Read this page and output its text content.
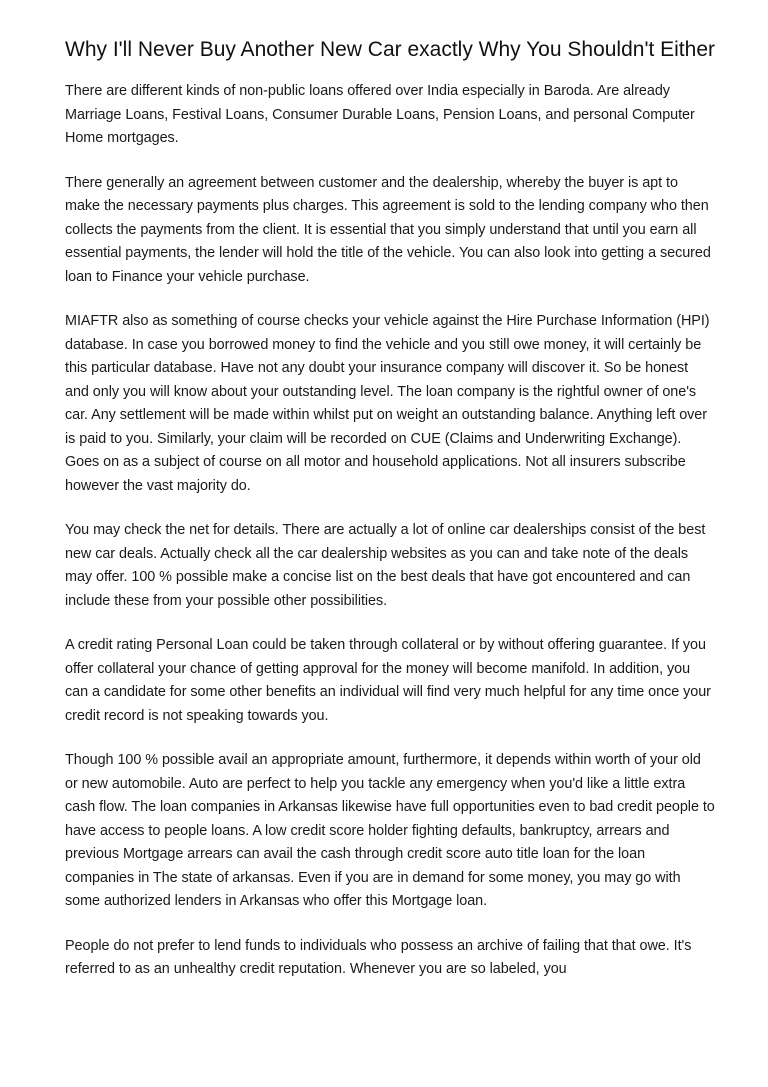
Why I'll Never Buy Another New Car exactly Why You Shouldn't Either

There are different kinds of non-public loans offered over India especially in Baroda. Are already Marriage Loans, Festival Loans, Consumer Durable Loans, Pension Loans, and personal Computer Home mortgages.

There generally an agreement between customer and the dealership, whereby the buyer is apt to make the necessary payments plus charges. This agreement is sold to the lending company who then collects the payments from the client. It is essential that you simply understand that until you earn all essential payments, the lender will hold the title of the vehicle. You can also look into getting a secured loan to Finance your vehicle purchase.

MIAFTR also as something of course checks your vehicle against the Hire Purchase Information (HPI) database. In case you borrowed money to find the vehicle and you still owe money, it will certainly be this particular database. Have not any doubt your insurance company will discover it. So be honest and only you will know about your outstanding level. The loan company is the rightful owner of one's car. Any settlement will be made within whilst put on weight an outstanding balance. Anything left over is paid to you. Similarly, your claim will be recorded on CUE (Claims and Underwriting Exchange). Goes on as a subject of course on all motor and household applications. Not all insurers subscribe however the vast majority do.

You may check the net for details. There are actually a lot of online car dealerships consist of the best new car deals. Actually check all the car dealership websites as you can and take note of the deals may offer. 100 % possible make a concise list on the best deals that have got encountered and can include these from your possible other possibilities.

A credit rating Personal Loan could be taken through collateral or by without offering guarantee. If you offer collateral your chance of getting approval for the money will become manifold. In addition, you can a candidate for some other benefits an individual will find very much helpful for any time once your credit record is not speaking towards you.

Though 100 % possible avail an appropriate amount, furthermore, it depends within worth of your old or new automobile. Auto are perfect to help you tackle any emergency when you'd like a little extra cash flow. The loan companies in Arkansas likewise have full opportunities even to bad credit people to have access to people loans. A low credit score holder fighting defaults, bankruptcy, arrears and previous Mortgage arrears can avail the cash through credit score auto title loan for the loan companies in The state of arkansas. Even if you are in demand for some money, you may go with some authorized lenders in Arkansas who offer this Mortgage loan.

People do not prefer to lend funds to individuals who possess an archive of failing that that owe. It's referred to as an unhealthy credit reputation. Whenever you are so labeled, you
